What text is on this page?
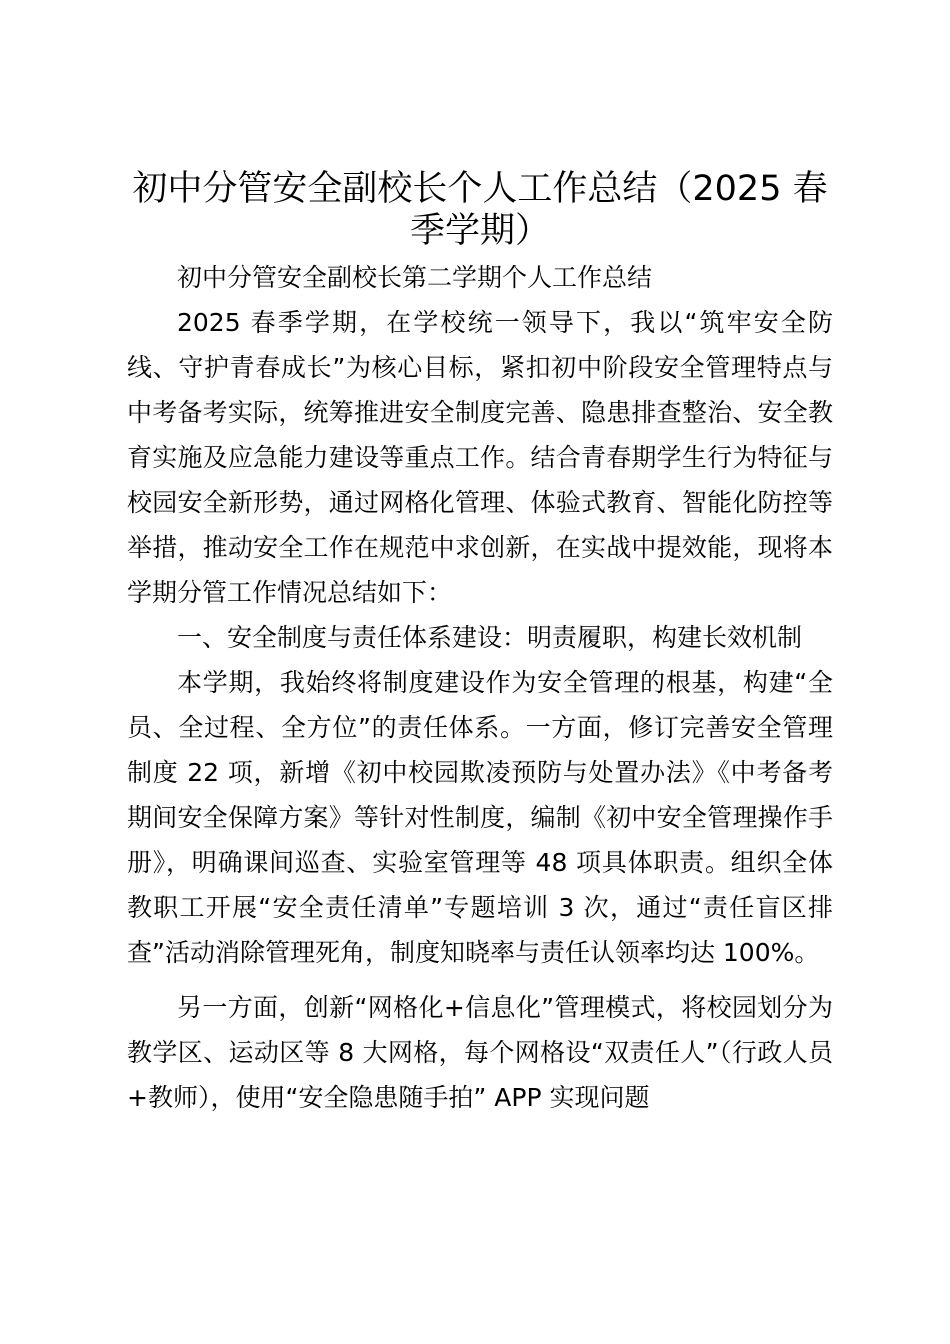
初中分管安全副校长个人工作总结（2025 春季学期）

初中分管安全副校长第二学期个人工作总结

2025 春季学期，在学校统一领导下，我以“筑牢安全防线、守护青春成长”为核心目标，紧扣初中阶段安全管理特点与中考备考实际，统筹推进安全制度完善、隐患排查整治、安全教育实施及应急能力建设等重点工作。结合青春期学生行为特征与校园安全新形势，通过网格化管理、体验式教育、智能化防控等举措，推动安全工作在规范中求创新，在实战中提效能，现将本学期分管工作情况总结如下：

一、安全制度与责任体系建设：明责履职，构建长效机制

本学期，我始终将制度建设作为安全管理的根基，构建“全员、全过程、全方位”的责任体系。一方面，修订完善安全管理制度 22 项，新增《初中校园欺凌预防与处置办法》《中考备考期间安全保障方案》等针对性制度，编制《初中安全管理操作手册》，明确课间巡查、实验室管理等 48 项具体职责。组织全体教职工开展“安全责任清单”专题培训 3 次，通过“责任盲区排查”活动消除管理死角，制度知晓率与责任认领率均达 100%。

另一方面，创新“网格化+信息化”管理模式，将校园划分为教学区、运动区等 8 大网格，每个网格设“双责任人”（行政人员+教师），使用“安全隐患随手拍” APP 实现问题
